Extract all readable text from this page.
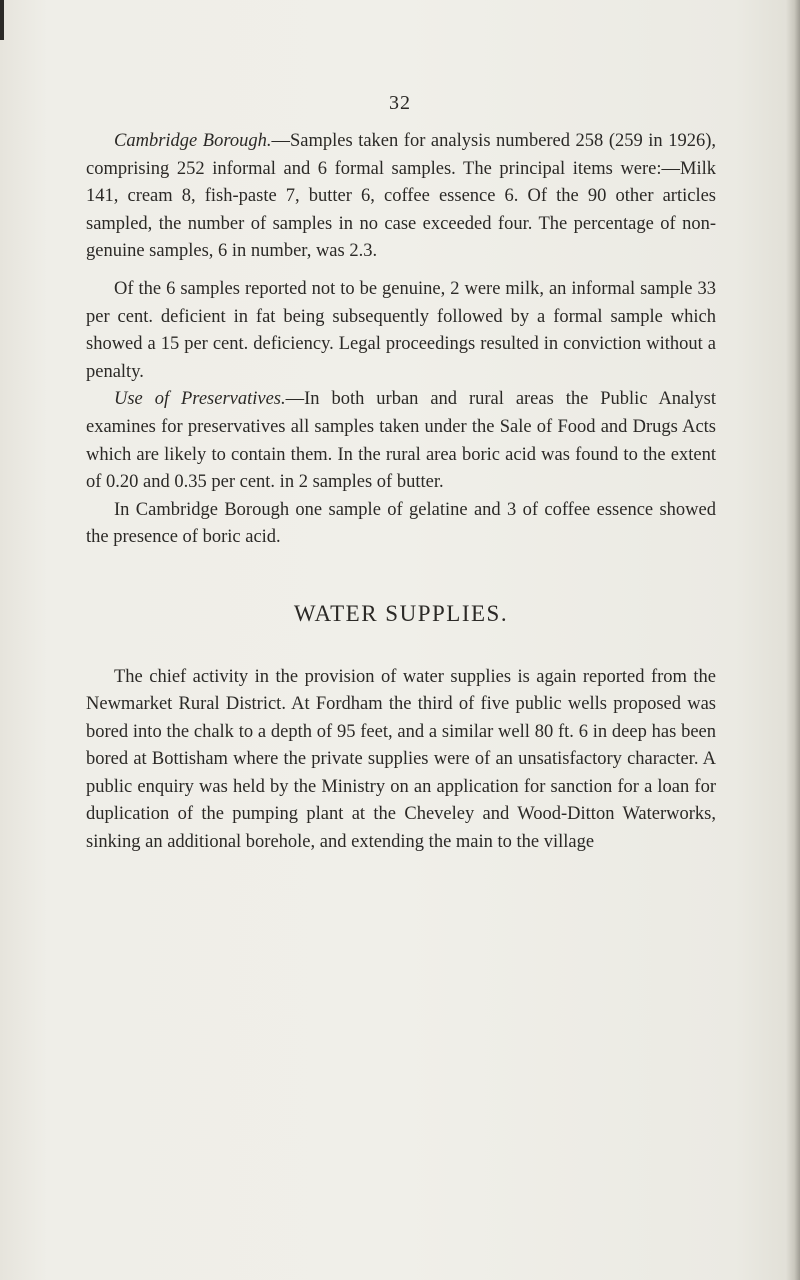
32

Cambridge Borough.—Samples taken for analysis numbered 258 (259 in 1926), comprising 252 informal and 6 formal samples. The principal items were:—Milk 141, cream 8, fish-paste 7, butter 6, coffee essence 6. Of the 90 other articles sampled, the number of samples in no case exceeded four. The percentage of non-genuine samples, 6 in number, was 2.3.

Of the 6 samples reported not to be genuine, 2 were milk, an informal sample 33 per cent. deficient in fat being subsequently followed by a formal sample which showed a 15 per cent. deficiency. Legal proceedings resulted in conviction without a penalty.

Use of Preservatives.—In both urban and rural areas the Public Analyst examines for preservatives all samples taken under the Sale of Food and Drugs Acts which are likely to contain them. In the rural area boric acid was found to the extent of 0.20 and 0.35 per cent. in 2 samples of butter.

In Cambridge Borough one sample of gelatine and 3 of coffee essence showed the presence of boric acid.

WATER SUPPLIES.

The chief activity in the provision of water supplies is again reported from the Newmarket Rural District. At Fordham the third of five public wells proposed was bored into the chalk to a depth of 95 feet, and a similar well 80 ft. 6 in deep has been bored at Bottisham where the private supplies were of an unsatisfactory character. A public enquiry was held by the Ministry on an application for sanction for a loan for duplication of the pumping plant at the Cheveley and Wood-Ditton Waterworks, sinking an additional borehole, and extending the main to the village
